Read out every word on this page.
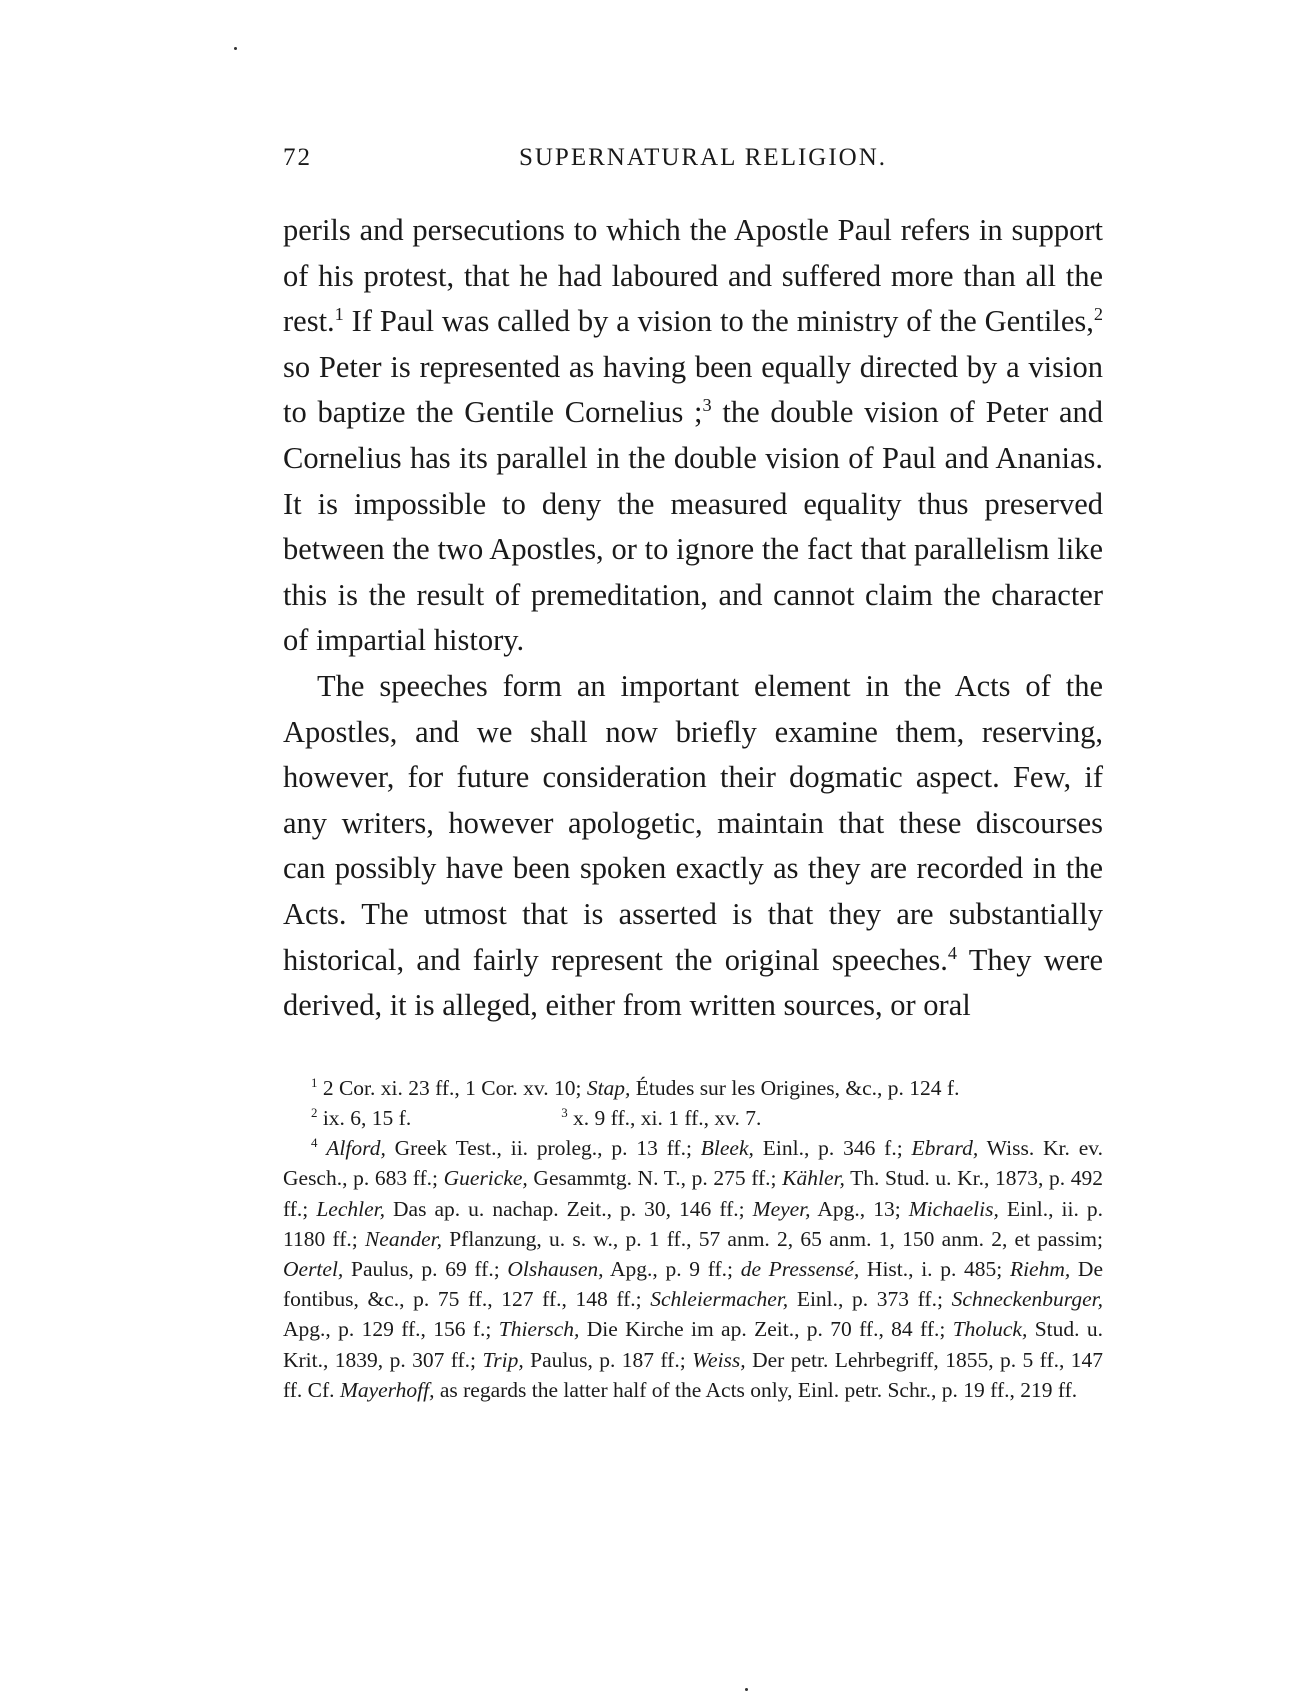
72	SUPERNATURAL RELIGION.

perils and persecutions to which the Apostle Paul refers in support of his protest, that he had laboured and suffered more than all the rest.$^1$ If Paul was called by a vision to the ministry of the Gentiles,$^2$ so Peter is represented as having been equally directed by a vision to baptize the Gentile Cornelius ;$^3$ the double vision of Peter and Cornelius has its parallel in the double vision of Paul and Ananias. It is impossible to deny the measured equality thus preserved between the two Apostles, or to ignore the fact that parallelism like this is the result of premeditation, and cannot claim the character of impartial history.

The speeches form an important element in the Acts of the Apostles, and we shall now briefly examine them, reserving, however, for future consideration their dogmatic aspect. Few, if any writers, however apologetic, maintain that these discourses can possibly have been spoken exactly as they are recorded in the Acts. The utmost that is asserted is that they are substantially historical, and fairly represent the original speeches.$^4$ They were derived, it is alleged, either from written sources, or oral

$^1$ 2 Cor. xi. 23 ff., 1 Cor. xv. 10; Stap, Études sur les Origines, &c., p. 124 f.

$^2$ ix. 6, 15 f.	$^3$ x. 9 ff., xi. 1 ff., xv. 7.

$^4$ Alford, Greek Test., ii. proleg., p. 13 ff.; Bleek, Einl., p. 346 f.; Ebrard, Wiss. Kr. ev. Gesch., p. 683 ff.; Guericke, Gesammtg. N. T., p. 275 ff.; Kähler, Th. Stud. u. Kr., 1873, p. 492 ff.; Lechler, Das ap. u. nachap. Zeit., p. 30, 146 ff.; Meyer, Apg., 13; Michaelis, Einl., ii. p. 1180 ff.; Neander, Pflanzung, u. s. w., p. 1 ff., 57 anm. 2, 65 anm. 1, 150 anm. 2, et passim; Oertel, Paulus, p. 69 ff.; Olshausen, Apg., p. 9 ff.; de Pressensé, Hist., i. p. 485; Riehm, De fontibus, &c., p. 75 ff., 127 ff., 148 ff.; Schleiermacher, Einl., p. 373 ff.; Schneckenburger, Apg., p. 129 ff., 156 f.; Thiersch, Die Kirche im ap. Zeit., p. 70 ff., 84 ff.; Tholuck, Stud. u. Krit., 1839, p. 307 ff.; Trip, Paulus, p. 187 ff.; Weiss, Der petr. Lehrbegriff, 1855, p. 5 ff., 147 ff. Cf. Mayerhoff, as regards the latter half of the Acts only, Einl. petr. Schr., p. 19 ff., 219 ff.
